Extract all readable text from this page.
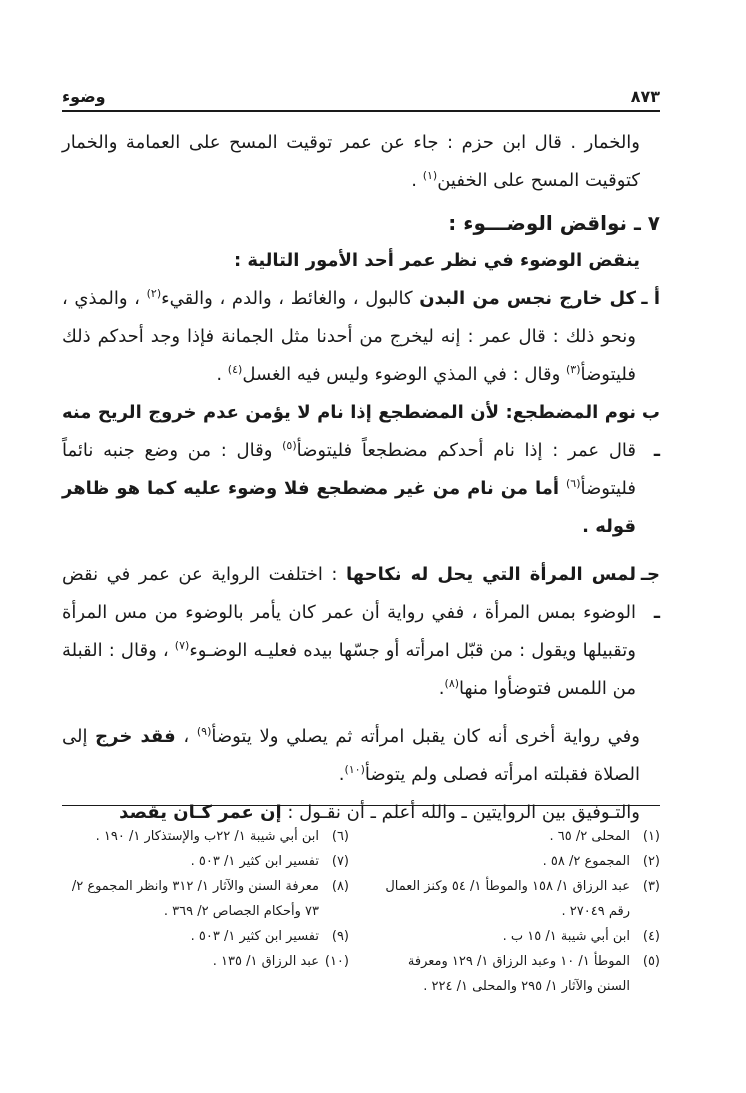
٨٧٣
وضوء

والخمار . قال ابن حزم : جاء عن عمر توقيت المسح على العمامة والخمار كتوقيت المسح على الخفين$^{(١)}$ .

٧ ـ نواقض الوضـــوء :

ينقض الوضوء في نظر عمر أحد الأمور التالية :

أ ـ

كل خارج نجس من البدن كالبول ، والغائط ، والدم ، والقيء$^{(٢)}$ ، والمذي ، ونحو ذلك : قال عمر : إنه ليخرج من أحدنا مثل الجمانة فإذا وجد أحدكم ذلك فليتوضأ$^{(٣)}$ وقال : في المذي الوضوء وليس فيه الغسل$^{(٤)}$ .

ب ـ

نوم المضطجع: لأن المضطجع إذا نام لا يؤمن عدم خروج الريح منه قال عمر : إذا نام أحدكم مضطجعاً فليتوضأ$^{(٥)}$ وقال : من وضع جنبه نائماً فليتوضأ$^{(٦)}$ أما من نام من غير مضطجع فلا وضوء عليه كما هو ظاهر قوله .

جـ ـ

لمس المرأة التي يحل له نكاحها : اختلفت الرواية عن عمر في نقض الوضوء بمس المرأة ، ففي رواية أن عمر كان يأمر بالوضوء من مس المرأة وتقبيلها ويقول : من قبّل امرأته أو جسّها بيده فعليـه الوضـوء$^{(٧)}$ ، وقال : القبلة من اللمس فتوضأوا منها$^{(٨)}$.

وفي رواية أخرى أنه كان يقبل امرأته ثم يصلي ولا يتوضأ$^{(٩)}$ ، فقد خرج إلى الصلاة فقبلته امرأته فصلى ولم يتوضأ$^{(١٠)}$.

والتـوفيق بين الروايتين ـ والله أعلم ـ أن نقـول : إن عمر كـان يقصد

(١)
المحلى ٢/ ٦٥ .
(٢)
المجموع ٢/ ٥٨ .
(٣)
عبد الرزاق ١/ ١٥٨ والموطأ ١/ ٥٤ وكنز العمال رقم ٢٧٠٤٩ .
(٤)
ابن أبي شيبة ١/ ١٥ ب .
(٥)
الموطأ ١/ ١٠ وعبد الرزاق ١/ ١٢٩ ومعرفة السنن والآثار ١/ ٢٩٥ والمحلى ١/ ٢٢٤ .
(٦)
ابن أبي شيبة ١/ ٢٢ب والإستذكار ١/ ١٩٠ .
(٧)
تفسير ابن كثير ١/ ٥٠٣ .
(٨)
معرفة السنن والآثار ١/ ٣١٢ وانظر المجموع ٢/ ٧٣ وأحكام الجصاص ٢/ ٣٦٩ .
(٩)
تفسير ابن كثير ١/ ٥٠٣ .
(١٠)
عبد الرزاق ١/ ١٣٥ .
